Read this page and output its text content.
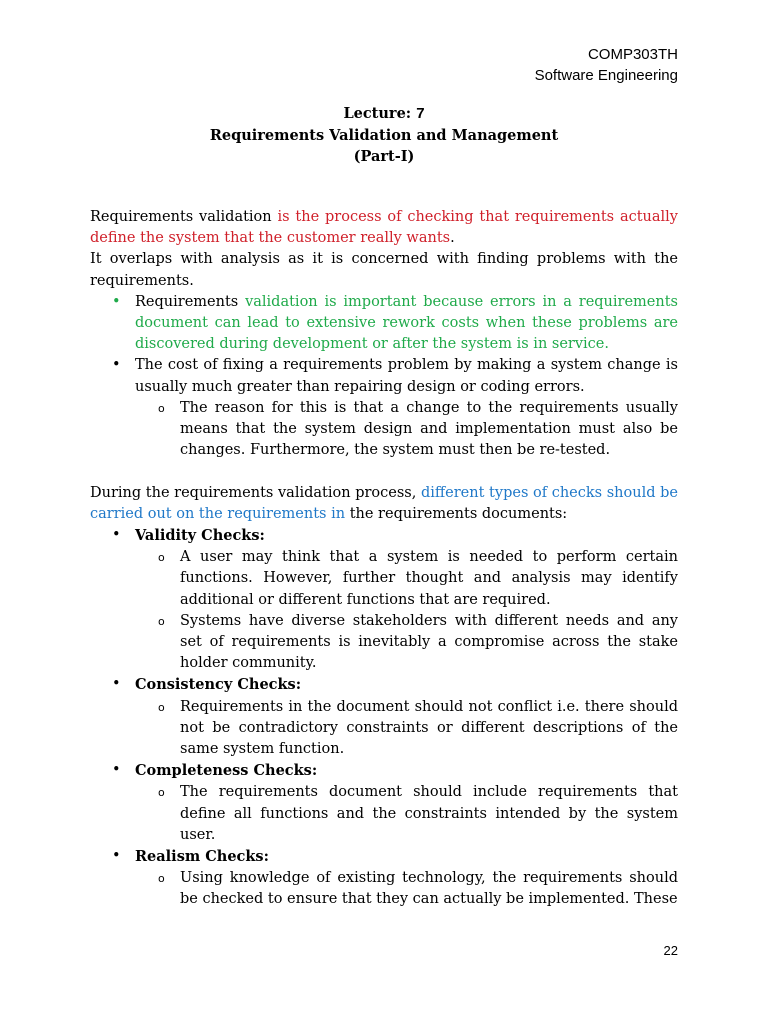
COMP303TH
Software Engineering
Lecture: 7
Requirements Validation and Management
(Part-I)

Requirements validation is the process of checking that requirements actually define the system that the customer really wants.

It overlaps with analysis as it is concerned with finding problems with the requirements.

• Requirements validation is important because errors in a requirements document can lead to extensive rework costs when these problems are discovered during development or after the system is in service.
• The cost of fixing a requirements problem by making a system change is usually much greater than repairing design or coding errors.
o The reason for this is that a change to the requirements usually means that the system design and implementation must also be changes. Furthermore, the system must then be re-tested.

During the requirements validation process, different types of checks should be carried out on the requirements in the requirements documents:

• Validity Checks:
o A user may think that a system is needed to perform certain functions. However, further thought and analysis may identify additional or different functions that are required.
o Systems have diverse stakeholders with different needs and any set of requirements is inevitably a compromise across the stake holder community.
• Consistency Checks:
o Requirements in the document should not conflict i.e. there should not be contradictory constraints or different descriptions of the same system function.
• Completeness Checks:
o The requirements document should include requirements that define all functions and the constraints intended by the system user.
• Realism Checks:
o Using knowledge of existing technology, the requirements should be checked to ensure that they can actually be implemented. These
22
